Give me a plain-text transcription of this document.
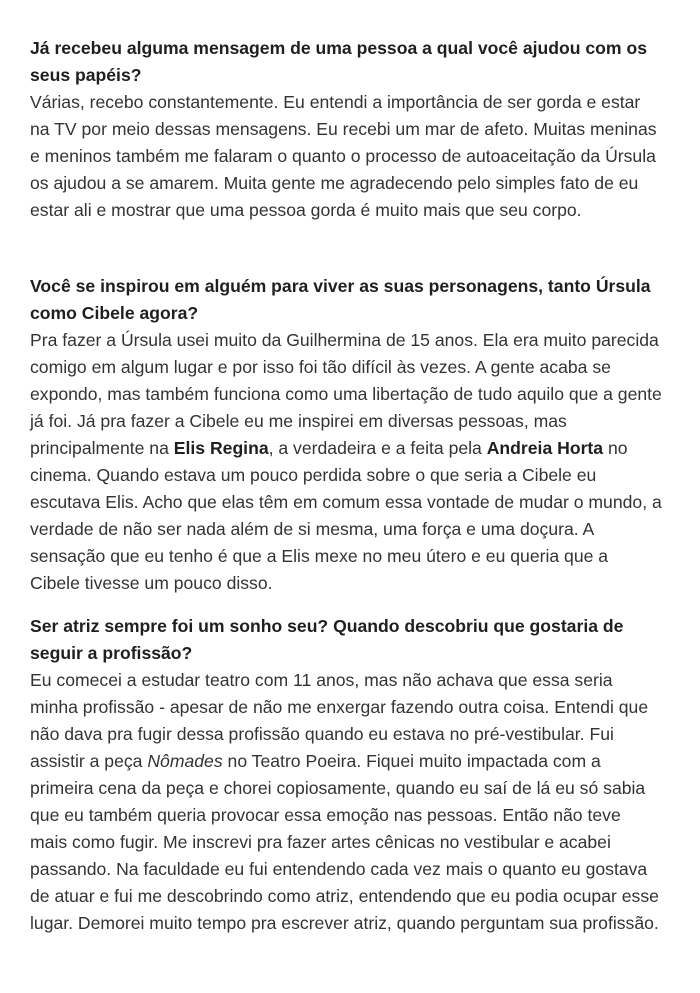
Já recebeu alguma mensagem de uma pessoa a qual você ajudou com os seus papéis?

Várias, recebo constantemente. Eu entendi a importância de ser gorda e estar na TV por meio dessas mensagens. Eu recebi um mar de afeto. Muitas meninas e meninos também me falaram o quanto o processo de autoaceitação da Úrsula os ajudou a se amarem. Muita gente me agradecendo pelo simples fato de eu estar ali e mostrar que uma pessoa gorda é muito mais que seu corpo.

Você se inspirou em alguém para viver as suas personagens, tanto Úrsula como Cibele agora?

Pra fazer a Úrsula usei muito da Guilhermina de 15 anos. Ela era muito parecida comigo em algum lugar e por isso foi tão difícil às vezes. A gente acaba se expondo, mas também funciona como uma libertação de tudo aquilo que a gente já foi. Já pra fazer a Cibele eu me inspirei em diversas pessoas, mas principalmente na Elis Regina, a verdadeira e a feita pela Andreia Horta no cinema. Quando estava um pouco perdida sobre o que seria a Cibele eu escutava Elis. Acho que elas têm em comum essa vontade de mudar o mundo, a verdade de não ser nada além de si mesma, uma força e uma doçura. A sensação que eu tenho é que a Elis mexe no meu útero e eu queria que a Cibele tivesse um pouco disso.

Ser atriz sempre foi um sonho seu? Quando descobriu que gostaria de seguir a profissão?

Eu comecei a estudar teatro com 11 anos, mas não achava que essa seria minha profissão - apesar de não me enxergar fazendo outra coisa. Entendi que não dava pra fugir dessa profissão quando eu estava no pré-vestibular. Fui assistir a peça Nômades no Teatro Poeira. Fiquei muito impactada com a primeira cena da peça e chorei copiosamente, quando eu saí de lá eu só sabia que eu também queria provocar essa emoção nas pessoas. Então não teve mais como fugir. Me inscrevi pra fazer artes cênicas no vestibular e acabei passando. Na faculdade eu fui entendendo cada vez mais o quanto eu gostava de atuar e fui me descobrindo como atriz, entendendo que eu podia ocupar esse lugar. Demorei muito tempo pra escrever atriz, quando perguntam sua profissão.
